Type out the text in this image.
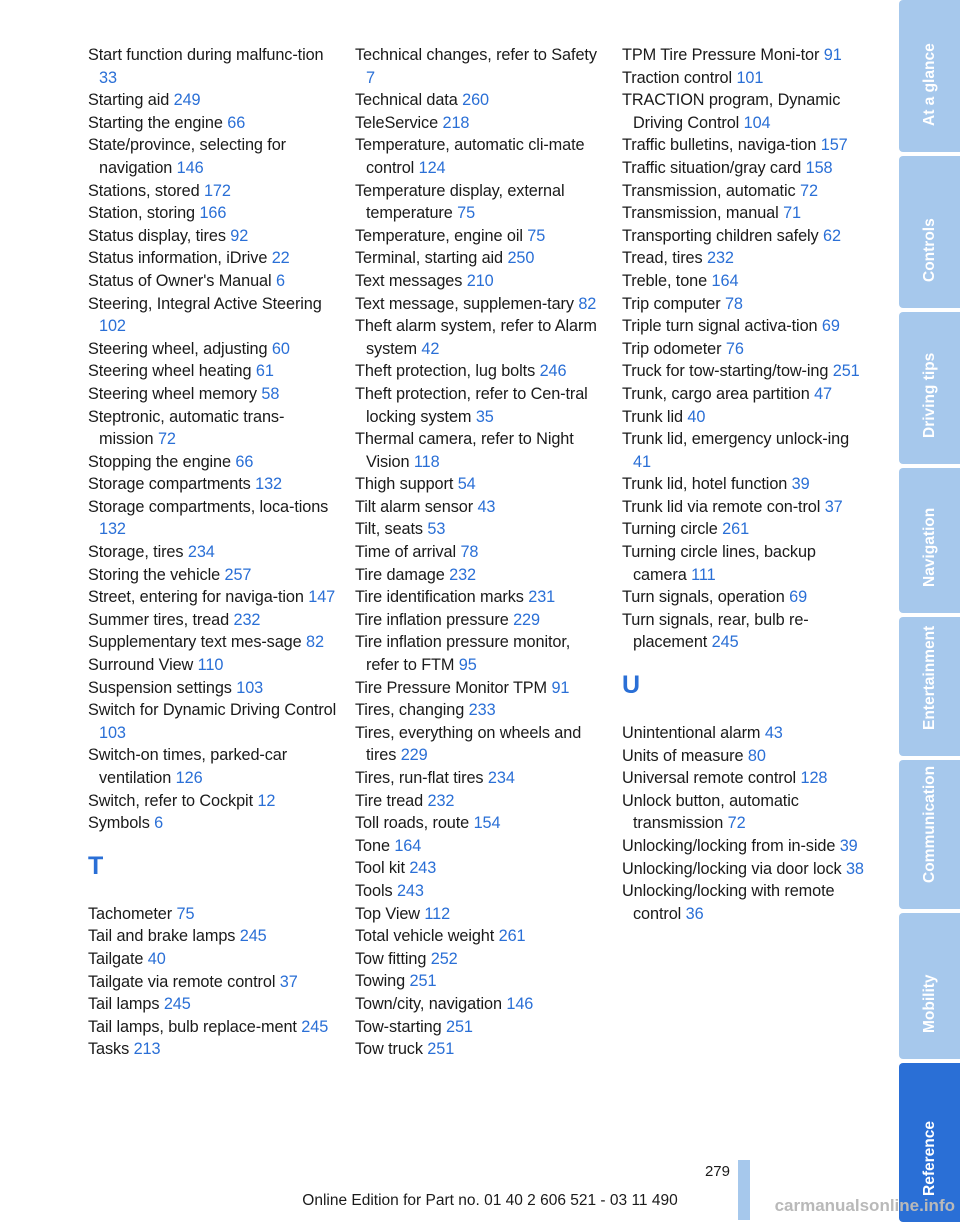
Start function during malfunc-tion 33
Starting aid 249
Starting the engine 66
State/province, selecting for navigation 146
Stations, stored 172
Station, storing 166
Status display, tires 92
Status information, iDrive 22
Status of Owner's Manual 6
Steering, Integral Active Steering 102
Steering wheel, adjusting 60
Steering wheel heating 61
Steering wheel memory 58
Steptronic, automatic trans-mission 72
Stopping the engine 66
Storage compartments 132
Storage compartments, loca-tions 132
Storage, tires 234
Storing the vehicle 257
Street, entering for naviga-tion 147
Summer tires, tread 232
Supplementary text mes-sage 82
Surround View 110
Suspension settings 103
Switch for Dynamic Driving Control 103
Switch-on times, parked-car ventilation 126
Switch, refer to Cockpit 12
Symbols 6
T
Tachometer 75
Tail and brake lamps 245
Tailgate 40
Tailgate via remote control 37
Tail lamps 245
Tail lamps, bulb replace-ment 245
Tasks 213
Technical changes, refer to Safety 7
Technical data 260
TeleService 218
Temperature, automatic cli-mate control 124
Temperature display, external temperature 75
Temperature, engine oil 75
Terminal, starting aid 250
Text messages 210
Text message, supplemen-tary 82
Theft alarm system, refer to Alarm system 42
Theft protection, lug bolts 246
Theft protection, refer to Cen-tral locking system 35
Thermal camera, refer to Night Vision 118
Thigh support 54
Tilt alarm sensor 43
Tilt, seats 53
Time of arrival 78
Tire damage 232
Tire identification marks 231
Tire inflation pressure 229
Tire inflation pressure monitor, refer to FTM 95
Tire Pressure Monitor TPM 91
Tires, changing 233
Tires, everything on wheels and tires 229
Tires, run-flat tires 234
Tire tread 232
Toll roads, route 154
Tone 164
Tool kit 243
Tools 243
Top View 112
Total vehicle weight 261
Tow fitting 252
Towing 251
Town/city, navigation 146
Tow-starting 251
Tow truck 251
TPM Tire Pressure Moni-tor 91
Traction control 101
TRACTION program, Dynamic Driving Control 104
Traffic bulletins, naviga-tion 157
Traffic situation/gray card 158
Transmission, automatic 72
Transmission, manual 71
Transporting children safely 62
Tread, tires 232
Treble, tone 164
Trip computer 78
Triple turn signal activa-tion 69
Trip odometer 76
Truck for tow-starting/tow-ing 251
Trunk, cargo area partition 47
Trunk lid 40
Trunk lid, emergency unlock-ing 41
Trunk lid, hotel function 39
Trunk lid via remote con-trol 37
Turning circle 261
Turning circle lines, backup camera 111
Turn signals, operation 69
Turn signals, rear, bulb re-placement 245
U
Unintentional alarm 43
Units of measure 80
Universal remote control 128
Unlock button, automatic transmission 72
Unlocking/locking from in-side 39
Unlocking/locking via door lock 38
Unlocking/locking with remote control 36
At a glance
Controls
Driving tips
Navigation
Entertainment
Communication
Mobility
Reference
279
Online Edition for Part no. 01 40 2 606 521 - 03 11 490	carmanualsonline.info
